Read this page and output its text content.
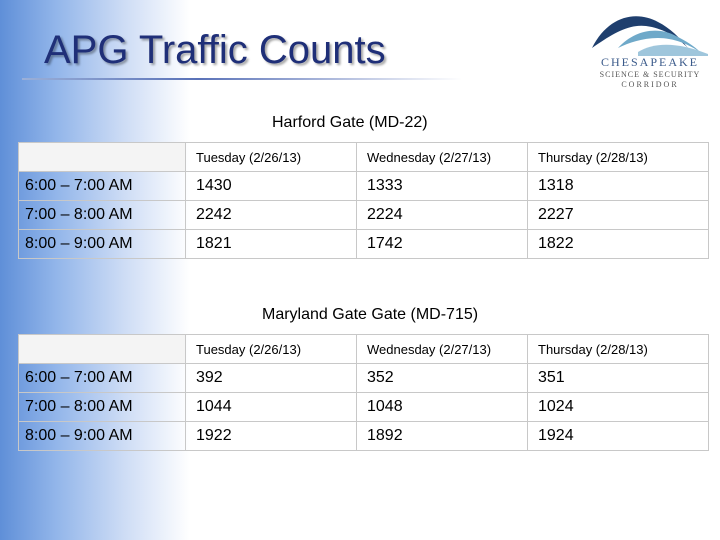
APG Traffic Counts	CHESAPEAKE
SCIENCE & SECURITY
CORRIDOR
Harford Gate (MD-22)
	Tuesday (2/26/13)	Wednesday (2/27/13)	Thursday (2/28/13)
6:00 – 7:00 AM	1430	1333	1318
7:00 – 8:00 AM	2242	2224	2227
8:00 – 9:00 AM	1821	1742	1822
Maryland Gate Gate (MD-715)
	Tuesday (2/26/13)	Wednesday (2/27/13)	Thursday (2/28/13)
6:00 – 7:00 AM	392	352	351
7:00 – 8:00 AM	1044	1048	1024
8:00 – 9:00 AM	1922	1892	1924
